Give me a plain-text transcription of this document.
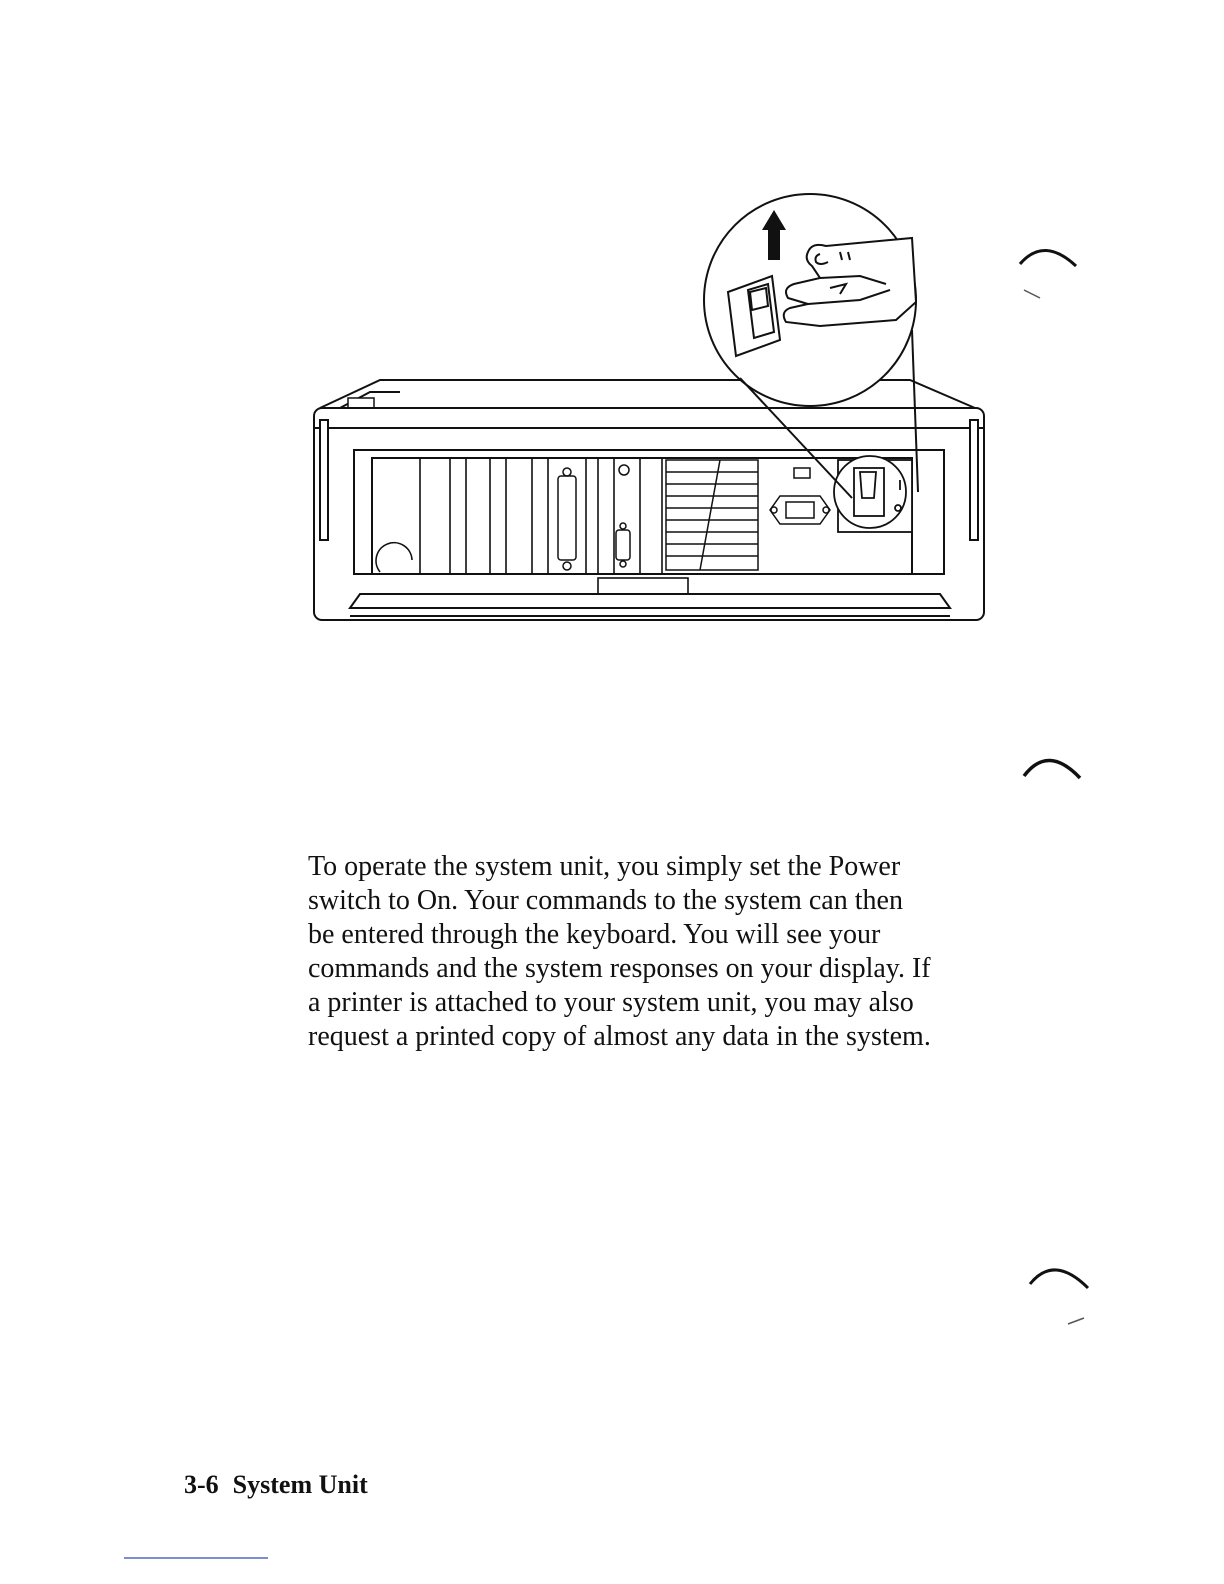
To operate the system unit, you simply set the Power
switch to On. Your commands to the system can then
be entered through the keyboard. You will see your
commands and the system responses on your display. If
a printer is attached to your system unit, you may also
request a printed copy of almost any data in the system.

3-6 System Unit
